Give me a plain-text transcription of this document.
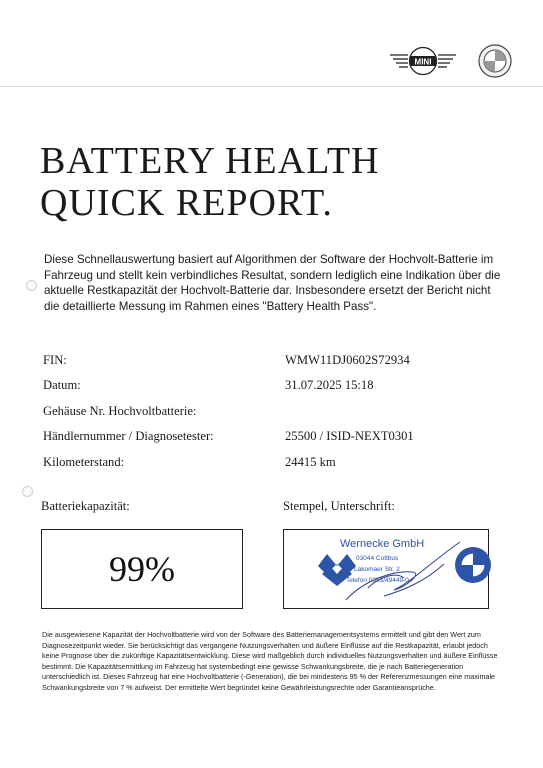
MINI
BATTERY HEALTH
QUICK REPORT.

Diese Schnellauswertung basiert auf Algorithmen der Software der Hochvolt-Batterie im Fahrzeug und stellt kein verbindliches Resultat, sondern lediglich eine Indikation über die aktuelle Restkapazität der Hochvolt-Batterie dar. Insbesondere ersetzt der Bericht nicht die detaillierte Messung im Rahmen eines "Battery Health Pass".

FIN:	WMW11DJ0602S72934
Datum:	31.07.2025 15:18
Gehäuse Nr. Hochvoltbatterie:
Händlernummer / Diagnosetester:	25500 / ISID-NEXT0301
Kilometerstand:	24415 km
Batteriekapazität:	Stempel, Unterschrift:
99%
Wernecke GmbH
03044 Cottbus
Lakomaer Str. 2
Telefon 0355/49449-0

Die ausgewiesene Kapazität der Hochvoltbatterie wird von der Software des Batteriemanagementsystems ermittelt und gibt den Wert zum Diagnosezeitpunkt wieder. Sie berücksichtigt das vergangene Nutzungsverhalten und äußere Einflüsse auf die Restkapazität, erlaubt jedoch keine Prognose über die zukünftige Kapazitätsentwicklung. Diese wird maßgeblich durch individuelles Nutzungsverhalten und äußere Einflüsse bestimmt. Die Kapazitätsermittlung im Fahrzeug hat systembedingt eine gewisse Schwankungsbreite, die je nach Batteriegeneration unterschiedlich ist. Dieses Fahrzeug hat eine Hochvoltbatterie (-Generation), die bei mindestens 95 % der Referenzmessungen eine maximale Schwankungsbreite von 7 % aufweist. Der ermittelte Wert begründet keine Gewährleistungsrechte oder Garantieansprüche.
